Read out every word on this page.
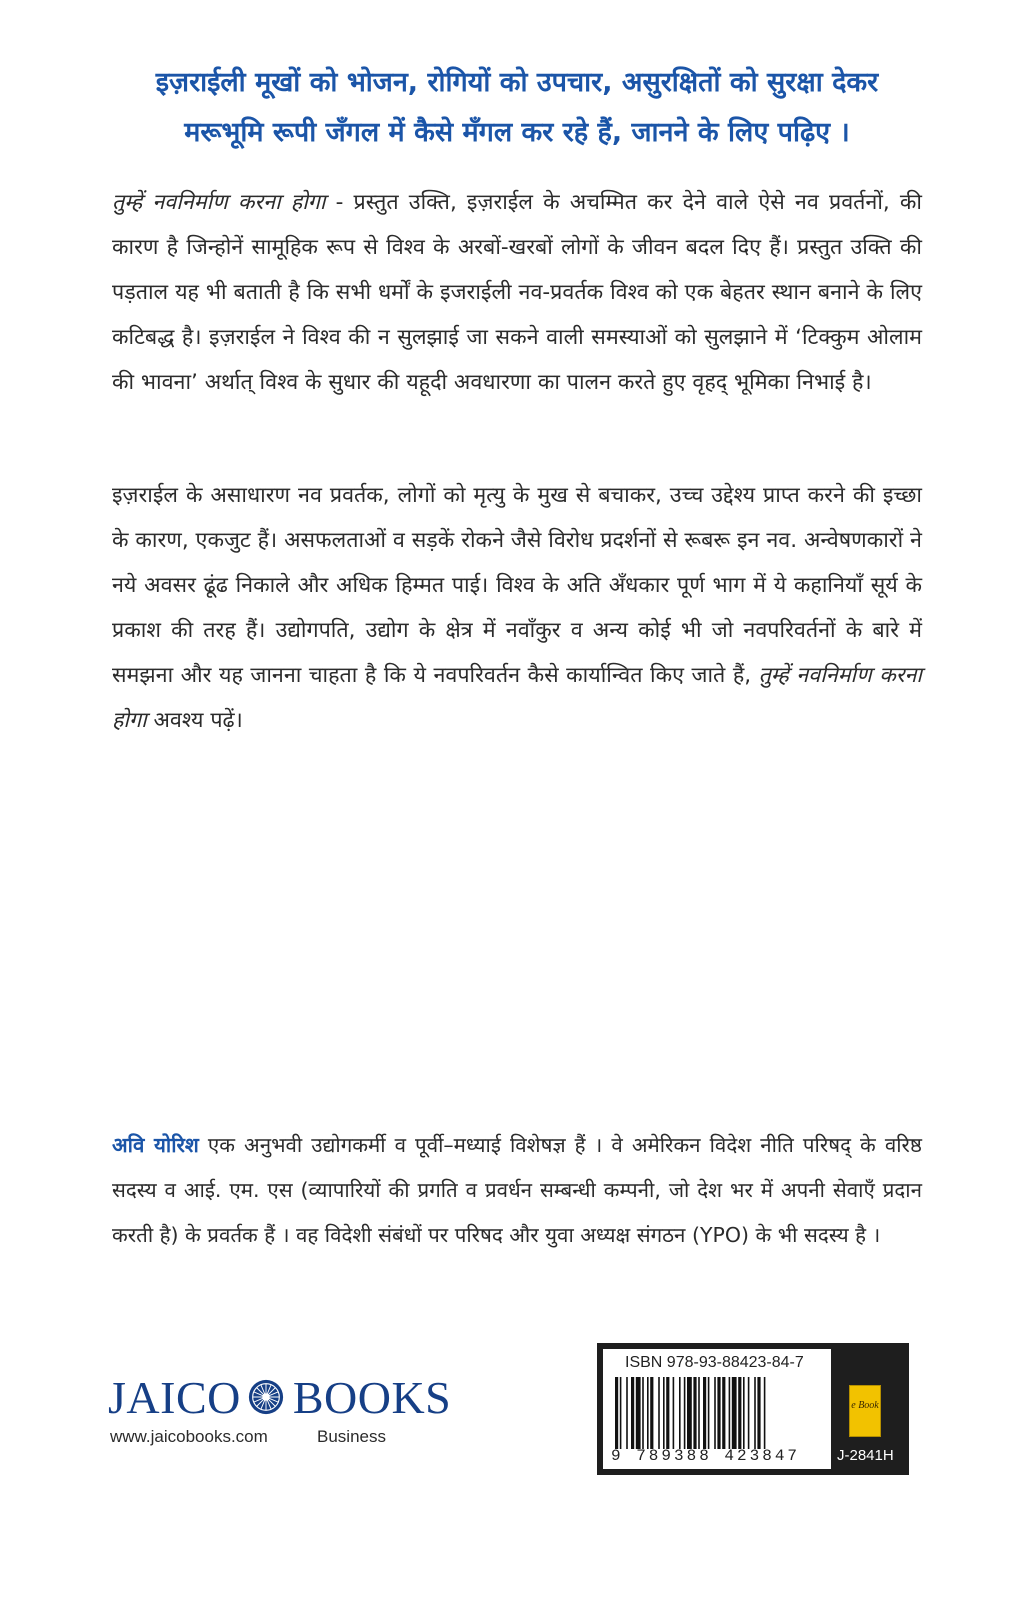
इज़राईली मूखों को भोजन, रोगियों को उपचार, असुरक्षितों को सुरक्षा देकर
मरूभूमि रूपी जँगल में कैसे मँगल कर रहे हैं, जानने के लिए पढ़िए ।
तुम्हें नवनिर्माण करना होगा - प्रस्तुत उक्ति, इज़राईल के अचम्मित कर देने वाले ऐसे नव प्रवर्तनों, की कारण है जिन्होनें सामूहिक रूप से विश्व के अरबों-खरबों लोगों के जीवन बदल दिए हैं। प्रस्तुत उक्ति की पड़ताल यह भी बताती है कि सभी धर्मों के इजराईली नव-प्रवर्तक विश्व को एक बेहतर स्थान बनाने के लिए कटिबद्ध है। इज़राईल ने विश्व की न सुलझाई जा सकने वाली समस्याओं को सुलझाने में ‘टिक्कुम ओलाम की भावना’ अर्थात् विश्व के सुधार की यहूदी अवधारणा का पालन करते हुए वृहद् भूमिका निभाई है।
इज़राईल के असाधारण नव प्रवर्तक, लोगों को मृत्यु के मुख से बचाकर, उच्च उद्देश्य प्राप्त करने की इच्छा के कारण, एकजुट हैं। असफलताओं व सड़कें रोकने जैसे विरोध प्रदर्शनों से रूबरू इन नव. अन्वेषणकारों ने नये अवसर ढूंढ निकाले और अधिक हिम्मत पाई। विश्व के अति अँधकार पूर्ण भाग में ये कहानियाँ सूर्य के प्रकाश की तरह हैं। उद्योगपति, उद्योग के क्षेत्र में नवाँकुर व अन्य कोई भी जो नवपरिवर्तनों के बारे में समझना और यह जानना चाहता है कि ये नवपरिवर्तन कैसे कार्यान्वित किए जाते हैं, तुम्हें नवनिर्माण करना होगा अवश्य पढ़ें।
अवि योरिश एक अनुभवी उद्योगकर्मी व पूर्वी–मध्याई विशेषज्ञ हैं । वे अमेरिकन विदेश नीति परिषद् के वरिष्ठ सदस्य व आई. एम. एस (व्यापारियों की प्रगति व प्रवर्धन सम्बन्धी कम्पनी, जो देश भर में अपनी सेवाएँ प्रदान करती है) के प्रवर्तक हैं । वह विदेशी संबंधों पर परिषद और युवा अध्यक्ष संगठन (YPO) के भी सदस्य है ।
JAICO BOOKS
www.jaicobooks.com	Business
ISBN 978-93-88423-84-7
9 789388 423847
e Book
J-2841H
